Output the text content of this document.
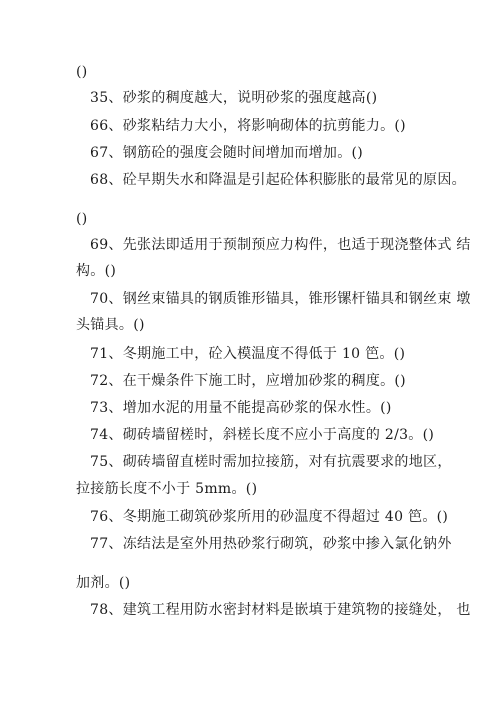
()
35、砂浆的稠度越大，说明砂浆的强度越高()
66、砂浆粘结力大小，将影响砌体的抗剪能力。()
67、钢筋砼的强度会随时间增加而增加。()
68、砼早期失水和降温是引起砼体积膨胀的最常见的原因。
()
69、先张法即适用于预制预应力构件，也适于现浇整体式 结
构。()
70、钢丝束锚具的钢质锥形锚具，锥形镙杆锚具和钢丝束 墩
头锚具。()
71、冬期施工中，砼入模温度不得低于 10 笆。()
72、在干燥条件下施工时，应增加砂浆的稠度。()
73、增加水泥的用量不能提高砂浆的保水性。()
74、砌砖墙留槎时，斜槎长度不应小于高度的 2/3。()
75、砌砖墙留直槎时需加拉接筋，对有抗震要求的地区，
拉接筋长度不小于 5mm。()
76、冬期施工砌筑砂浆所用的砂温度不得超过 40 笆。()
77、冻结法是室外用热砂浆行砌筑，砂浆中掺入氯化钠外
加剂。()
78、建筑工程用防水密封材料是嵌填于建筑物的接缝处， 也
